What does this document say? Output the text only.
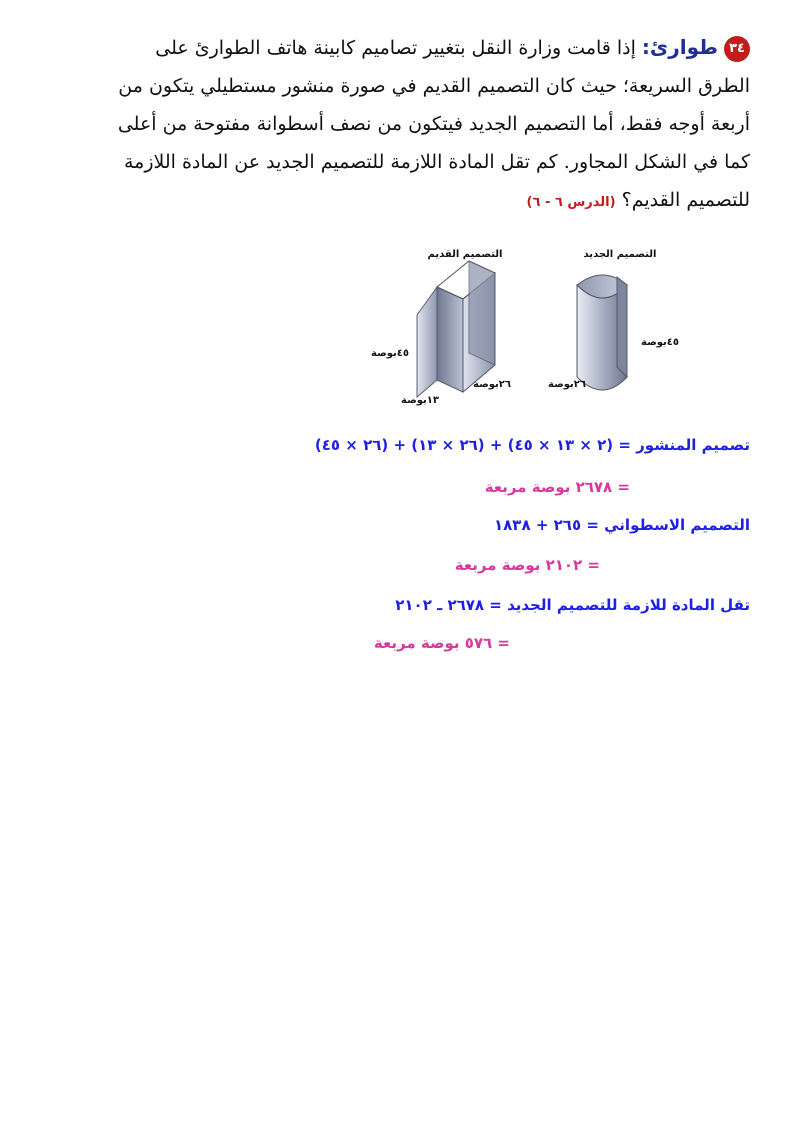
٣٤طوارئ:إذا قامت وزارة النقل بتغيير تصاميم كابينة هاتف الطوارئ على الطرق السريعة؛ حيث كان التصميم القديم في صورة منشور مستطيلي يتكون من أربعة أوجه فقط، أما التصميم الجديد فيتكون من نصف أسطوانة مفتوحة من أعلى كما في الشكل المجاور. كم تقل المادة اللازمة للتصميم الجديد عن المادة اللازمة للتصميم القديم؟ (الدرس ٦ - ٦)
التصميم القديم	التصميم الجديد
٤٥بوصة
٢٦بوصة
١٣بوصة
٤٥بوصة
٢٦بوصة
تصميم المنشور = (٢ × ١٣ × ٤٥) + (٢٦ × ١٣) + (٢٦ × ٤٥)
= ٢٦٧٨ بوصة مربعة
التصميم الاسطواني = ٢٦٥ + ١٨٣٨
= ٢١٠٢ بوصة مربعة
تقل المادة للازمة للتصميم الجديد = ٢٦٧٨ ـ ٢١٠٢
= ٥٧٦ بوصة مربعة
